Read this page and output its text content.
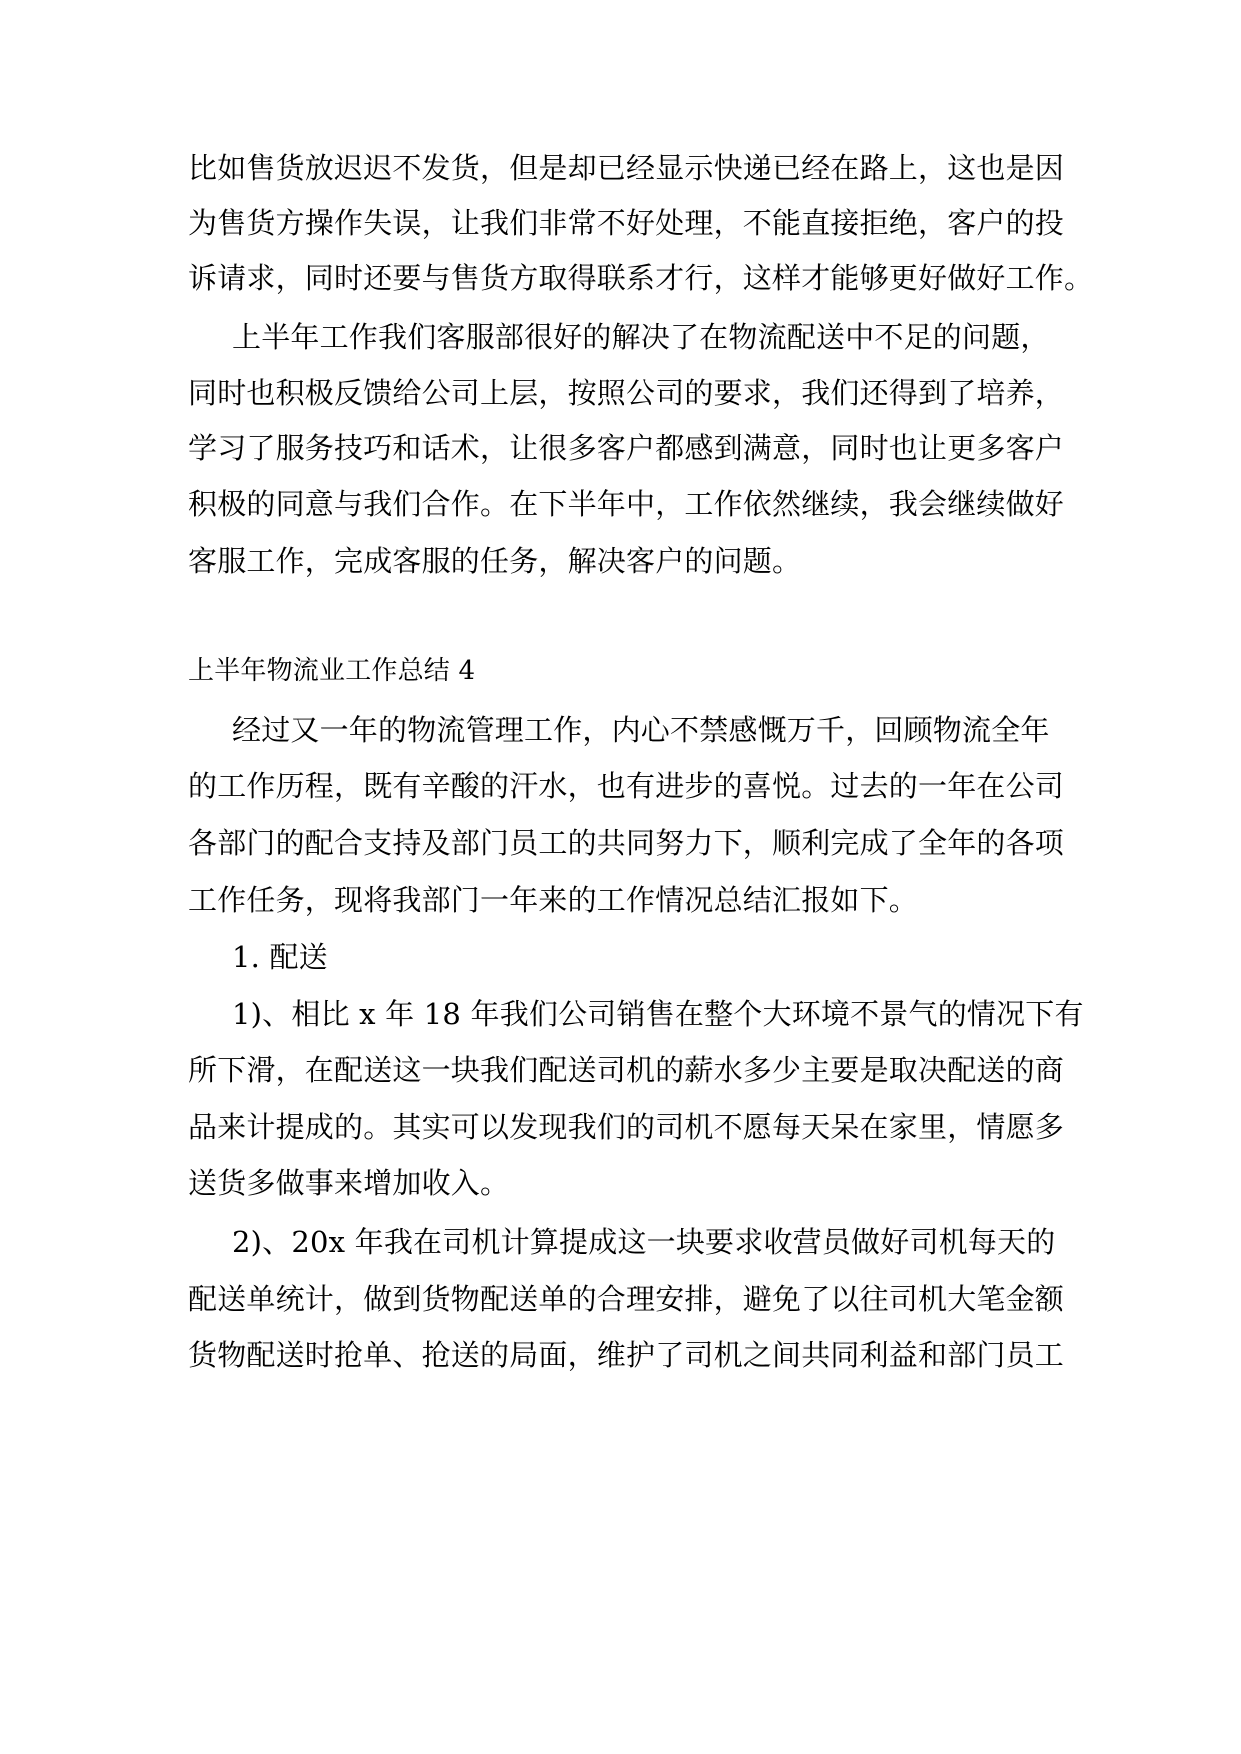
比如售货放迟迟不发货，但是却已经显示快递已经在路上，这也是因
为售货方操作失误，让我们非常不好处理，不能直接拒绝，客户的投
诉请求，同时还要与售货方取得联系才行，这样才能够更好做好工作。
上半年工作我们客服部很好的解决了在物流配送中不足的问题，
同时也积极反馈给公司上层，按照公司的要求，我们还得到了培养，
学习了服务技巧和话术，让很多客户都感到满意，同时也让更多客户
积极的同意与我们合作。在下半年中，工作依然继续，我会继续做好
客服工作，完成客服的任务，解决客户的问题。
上半年物流业工作总结 4
经过又一年的物流管理工作，内心不禁感慨万千，回顾物流全年
的工作历程，既有辛酸的汗水，也有进步的喜悦。过去的一年在公司
各部门的配合支持及部门员工的共同努力下，顺利完成了全年的各项
工作任务，现将我部门一年来的工作情况总结汇报如下。
1. 配送
1)、相比 x 年 18 年我们公司销售在整个大环境不景气的情况下有
所下滑，在配送这一块我们配送司机的薪水多少主要是取决配送的商
品来计提成的。其实可以发现我们的司机不愿每天呆在家里，情愿多
送货多做事来增加收入。
2)、20x 年我在司机计算提成这一块要求收营员做好司机每天的
配送单统计，做到货物配送单的合理安排，避免了以往司机大笔金额
货物配送时抢单、抢送的局面，维护了司机之间共同利益和部门员工
